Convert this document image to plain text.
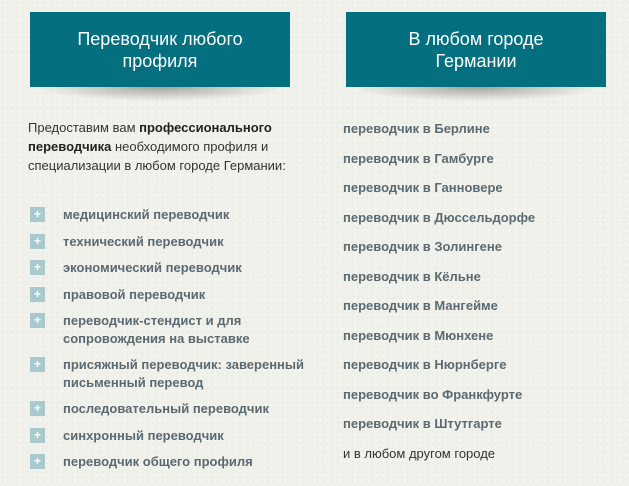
Переводчик любого
профиля
Предоставим вам профессионального переводчика необходимого профиля и специализации в любом городе Германии:
+	медицинский переводчик
+	технический переводчик
+	экономический переводчик
+	правовой переводчик
+	переводчик-стендист и для сопровождения на выставке
+	присяжный переводчик: заверенный письменный перевод
+	последовательный переводчик
+	синхронный переводчик
+	переводчик общего профиля
В любом городе
Германии
переводчик в Берлине
переводчик в Гамбурге
переводчик в Ганновере
переводчик в Дюссельдорфе
переводчик в Золингене
переводчик в Кёльне
переводчик в Мангейме
переводчик в Мюнхене
переводчик в Нюрнберге
переводчик во Франкфурте
переводчик в Штутгарте
и в любом другом городе
